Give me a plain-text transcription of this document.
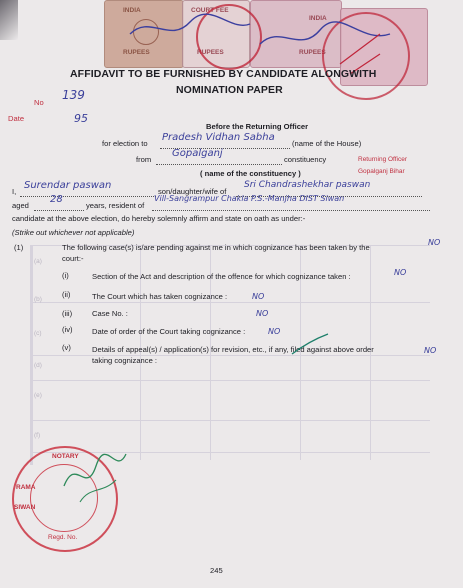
INDIA
RUPEES
COURT FEE
RUPEES
INDIA
RUPEES
No
139
95
Date
AFFIDAVIT TO BE FURNISHED BY CANDIDATE ALONGWITH
NOMINATION PAPER
Before the Returning Officer
for election to
Pradesh Vidhan Sabha
(name of the House)
from
Gopalganj
constituency
( name of the constituency )
Returning Officer
Gopalganj Bihar
I,
Surendar paswan
son/daughter/wife of
Sri Chandrashekhar paswan
aged
28
years, resident of
Vill-Sangrampur Chakla P.S.-Manjha DIST Siwan
candidate at the above election, do hereby solemnly affirm and state on oath as under:-
(Strike out whichever not applicable)
(1)	The following case(s) is/are pending against me in which cognizance has been taken by the
NO
court:-
(a)
(b)
(c)
(d)
(e)
(f)
(i)	Section of the Act and description of the offence for which cognizance taken :	NO
(ii)	The Court which has taken cognizance :	NO
(iii)	Case No. :	NO
(iv)	Date of order of the Court taking cognizance :	NO
(v)	Details of appeal(s) / application(s) for revision, etc., if any, filed against above order
taking cognizance :
NO
NOTARY
RAMA
SIWAN
Regd. No.
245
